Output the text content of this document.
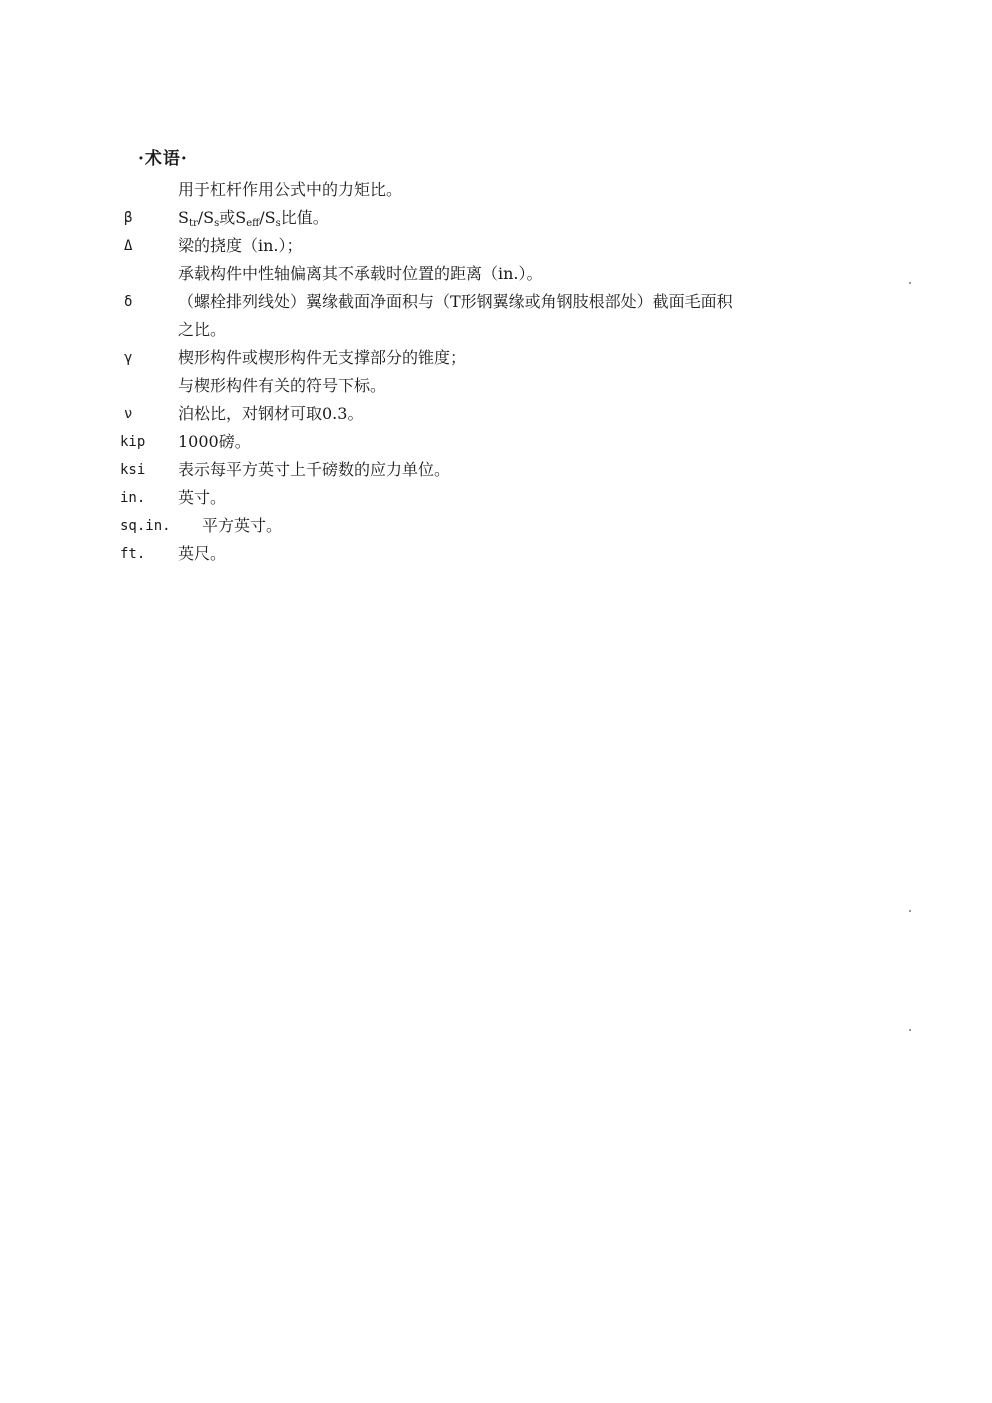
·术语·
用于杠杆作用公式中的力矩比。
β	$S_{tr}/S_s$或$S_{eff}/S_s$比值。
Δ	梁的挠度（in.）；
承载构件中性轴偏离其不承载时位置的距离（in.）。
δ	（螺栓排列线处）翼缘截面净面积与（T形钢翼缘或角钢肢根部处）截面毛面积
之比。
γ	楔形构件或楔形构件无支撑部分的锥度；
与楔形构件有关的符号下标。
ν	泊松比，对钢材可取0.3。
kip 1000磅。
ksi 表示每平方英寸上千磅数的应力单位。
in. 英寸。
sq.in. 平方英寸。
ft. 英尺。
